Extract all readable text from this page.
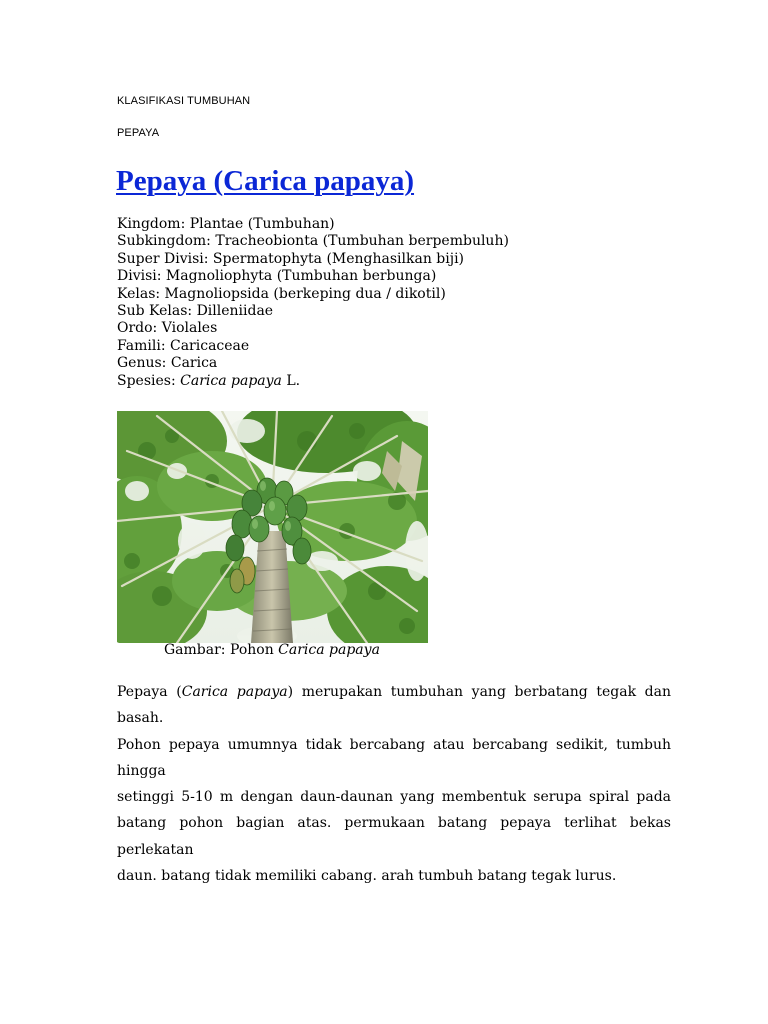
KLASIFIKASI TUMBUHAN

PEPAYA

Pepaya (Carica papaya)
Kingdom: Plantae (Tumbuhan)
Subkingdom: Tracheobionta (Tumbuhan berpembuluh)
Super Divisi: Spermatophyta (Menghasilkan biji)
Divisi: Magnoliophyta (Tumbuhan berbunga)
Kelas: Magnoliopsida (berkeping dua / dikotil)
Sub Kelas: Dilleniidae
Ordo: Violales
Famili: Caricaceae
Genus: Carica
Spesies: Carica papaya L.

Gambar: Pohon Carica papaya

Pepaya (Carica papaya) merupakan tumbuhan yang berbatang tegak dan basah.
Pohon pepaya umumnya tidak bercabang atau bercabang sedikit, tumbuh hingga
setinggi 5-10 m dengan daun-daunan yang membentuk serupa spiral pada
batang pohon bagian atas. permukaan batang pepaya terlihat bekas perlekatan
daun. batang tidak memiliki cabang. arah tumbuh batang tegak lurus.
